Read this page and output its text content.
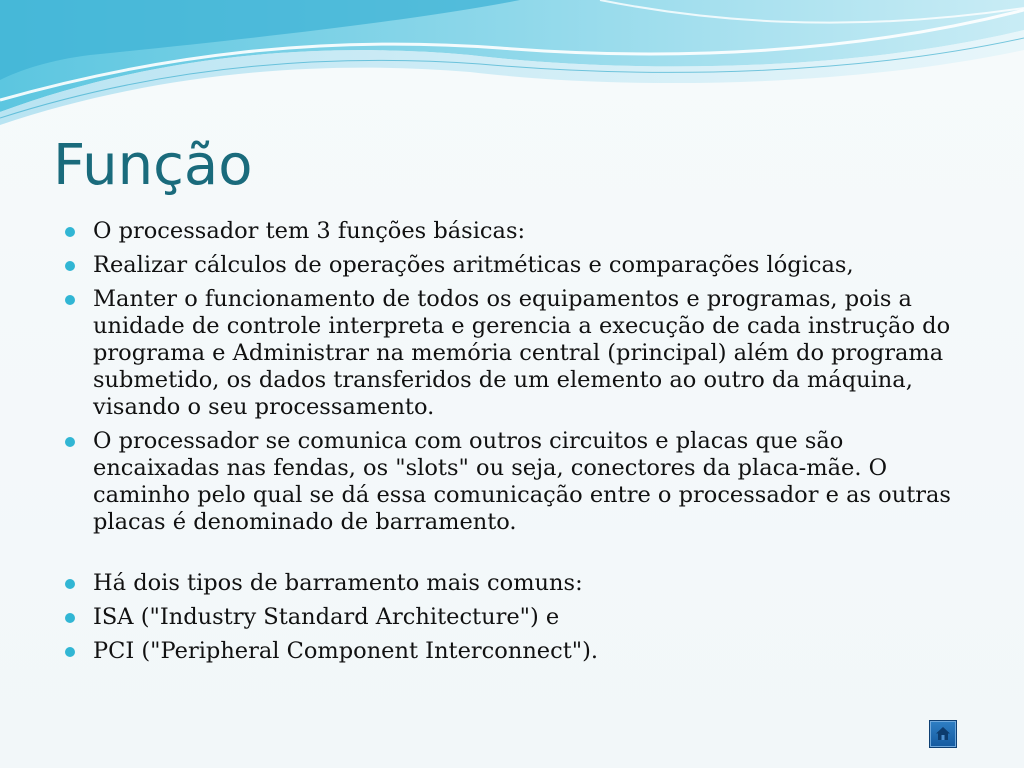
Função
O processador tem 3 funções básicas:
Realizar cálculos de operações aritméticas e comparações lógicas,
Manter o funcionamento de todos os equipamentos e programas, pois a unidade de controle interpreta e gerencia a execução de cada instrução do programa e Administrar na memória central (principal) além do programa submetido, os dados transferidos de um elemento ao outro da máquina, visando o seu processamento.
O processador se comunica com outros circuitos e placas que são encaixadas nas fendas, os "slots" ou seja, conectores da placa-mãe. O caminho pelo qual se dá essa comunicação entre o processador e as outras placas é denominado de barramento.
Há dois tipos de barramento mais comuns:
ISA ("Industry Standard Architecture") e
PCI ("Peripheral Component Interconnect").
